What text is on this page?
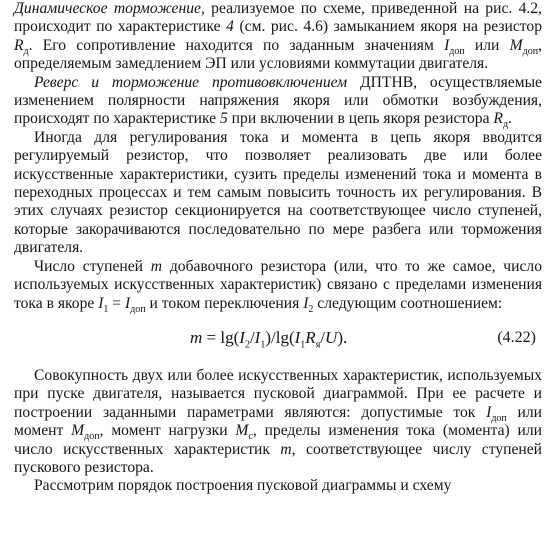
Динамическое торможение, реализуемое по схеме, приведенной на рис. 4.2, происходит по характеристике 4 (см. рис. 4.6) замыканием якоря на резистор $R_д$. Его сопротивление находится по заданным значениям $I_{доп}$ или $M_{доп}$, определяемым замедлением ЭП или условиями коммутации двигателя.

Реверс и торможение противовключением ДПТНВ, осуществляемые изменением полярности напряжения якоря или обмотки возбуждения, происходят по характеристике 5 при включении в цепь якоря резистора $R_д$.

Иногда для регулирования тока и момента в цепь якоря вводится регулируемый резистор, что позволяет реализовать две или более искусственные характеристики, сузить пределы изменений тока и момента в переходных процессах и тем самым повысить точность их регулирования. В этих случаях резистор секционируется на соответствующее число ступеней, которые закорачиваются последовательно по мере разбега или торможения двигателя.

Число ступеней m добавочного резистора (или, что то же самое, число используемых искусственных характеристик) связано с пределами изменения тока в якоре $I_1 = I_{доп}$ и током переключения $I_2$ следующим соотношением:

$m = \lg(I_2/I_1)/\lg(I_1R_я/U)$.	(4.22)

Совокупность двух или более искусственных характеристик, используемых при пуске двигателя, называется пусковой диаграммой. При ее расчете и построении заданными параметрами являются: допустимые ток $I_{доп}$ или момент $M_{доп}$, момент нагрузки $M_с$, пределы изменения тока (момента) или число искусственных характеристик m, соответствующее числу ступеней пускового резистора.

Рассмотрим порядок построения пусковой диаграммы и схему
